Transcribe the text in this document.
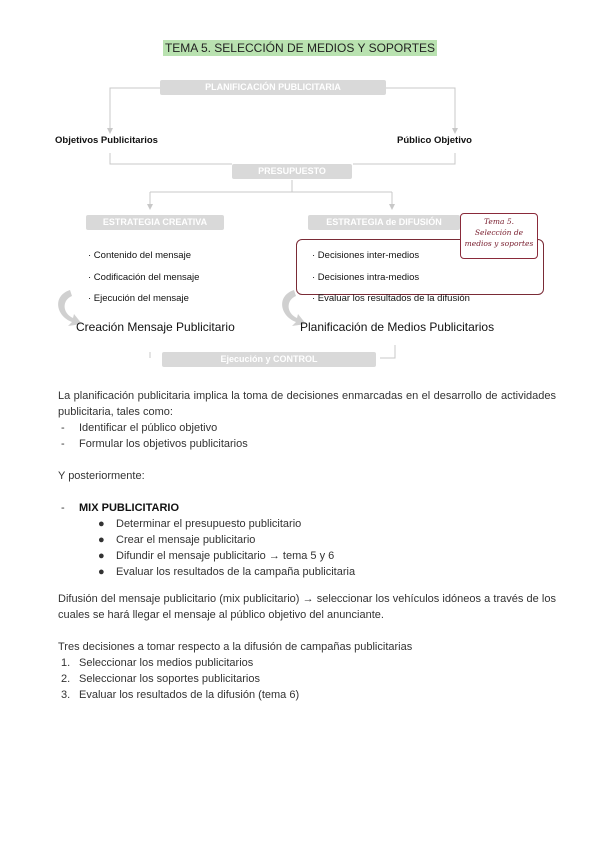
TEMA 5. SELECCIÓN DE MEDIOS Y SOPORTES
PLANIFICACIÓN PUBLICITARIA
Objetivos Publicitarios	Público Objetivo
PRESUPUESTO
ESTRATEGIA CREATIVA	ESTRATEGIA de DIFUSIÓN	Tema 5.
Selección de
medios y soportes
· Contenido del mensaje
· Codificación del mensaje
· Ejecución del mensaje
· Decisiones inter-medios
· Decisiones intra-medios
· Evaluar los resultados de la difusión
Creación Mensaje Publicitario	Planificación de Medios Publicitarios
Ejecución y CONTROL
La planificación publicitaria implica la toma de decisiones enmarcadas en el desarrollo de actividades publicitaria, tales como:
- Identificar el público objetivo
- Formular los objetivos publicitarios
Y posteriormente:
- MIX PUBLICITARIO
● Determinar el presupuesto publicitario
● Crear el mensaje publicitario
● Difundir el mensaje publicitario → tema 5 y 6
● Evaluar los resultados de la campaña publicitaria
Difusión del mensaje publicitario (mix publicitario) → seleccionar los vehículos idóneos a través de los cuales se hará llegar el mensaje al público objetivo del anunciante.
Tres decisiones a tomar respecto a la difusión de campañas publicitarias
1. Seleccionar los medios publicitarios
2. Seleccionar los soportes publicitarios
3. Evaluar los resultados de la difusión (tema 6)
